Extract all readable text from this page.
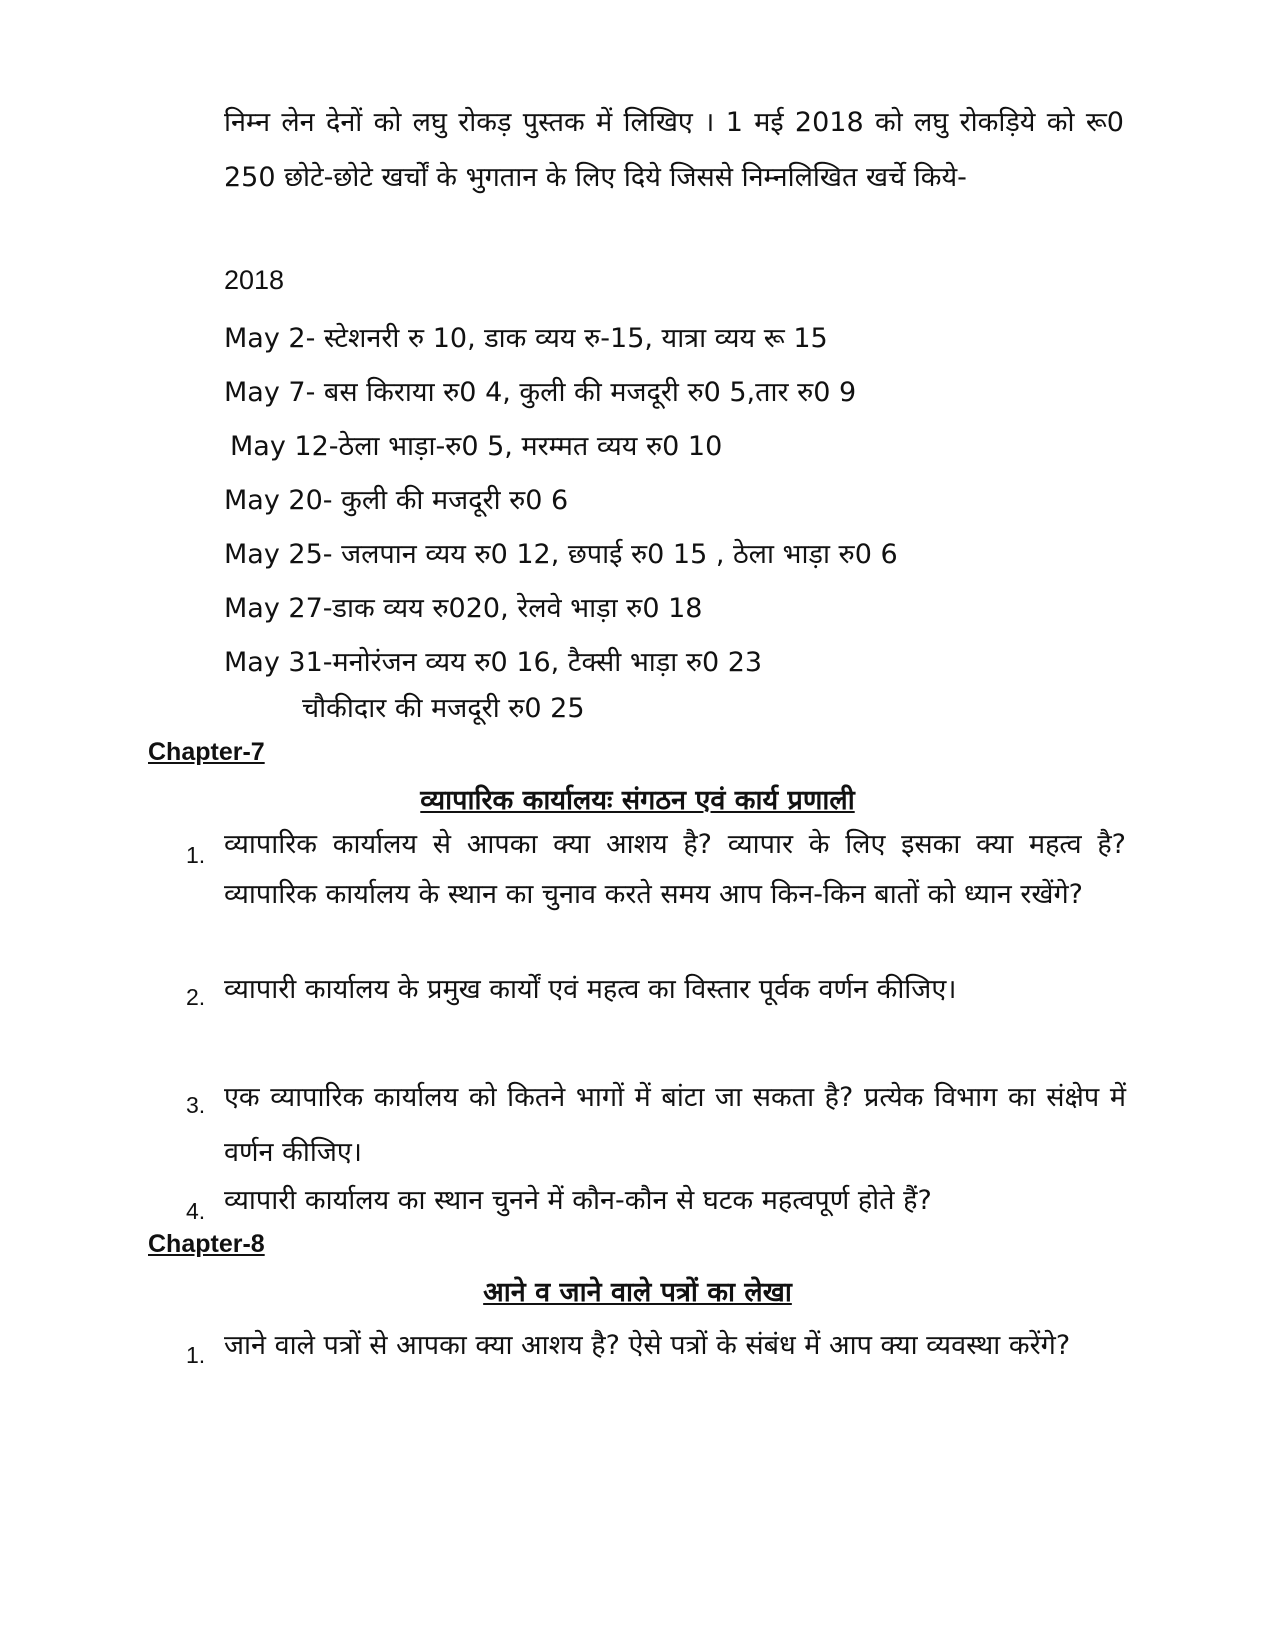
निम्न लेन देनों को लघु रोकड़ पुस्तक में लिखिए । 1 मई 2018 को लघु रोकड़िये को रू0 250 छोटे-छोटे खर्चों के भुगतान के लिए दिये जिससे निम्नलिखित खर्चे किये-
2018
May 2- स्टेशनरी रु 10, डाक व्यय रु-15, यात्रा व्यय रू 15
May 7- बस किराया रु0 4, कुली की मजदूरी रु0 5,तार रु0 9
May 12-ठेला भाड़ा-रु0 5, मरम्मत व्यय रु0 10
May 20- कुली की मजदूरी रु0 6
May 25- जलपान व्यय रु0 12, छपाई रु0 15 , ठेला भाड़ा रु0 6
May 27-डाक व्यय रु020, रेलवे भाड़ा रु0 18
May 31-मनोरंजन व्यय रु0 16, टैक्सी भाड़ा रु0 23
चौकीदार की मजदूरी रु0 25
Chapter-7
व्यापारिक कार्यालयः संगठन एवं कार्य प्रणाली
1. व्यापारिक कार्यालय से आपका क्या आशय है? व्यापार के लिए इसका क्या महत्व है? व्यापारिक कार्यालय के स्थान का चुनाव करते समय आप किन-किन बातों को ध्यान रखेंगे?
2. व्यापारी कार्यालय के प्रमुख कार्यों एवं महत्व का विस्तार पूर्वक वर्णन कीजिए।
3. एक व्यापारिक कार्यालय को कितने भागों में बांटा जा सकता है? प्रत्येक विभाग का संक्षेप में वर्णन कीजिए।
4. व्यापारी कार्यालय का स्थान चुनने में कौन-कौन से घटक महत्वपूर्ण होते हैं?
Chapter-8
आने व जाने वाले पत्रों का लेखा
1. जाने वाले पत्रों से आपका क्या आशय है? ऐसे पत्रों के संबंध में आप क्या व्यवस्था करेंगे?
